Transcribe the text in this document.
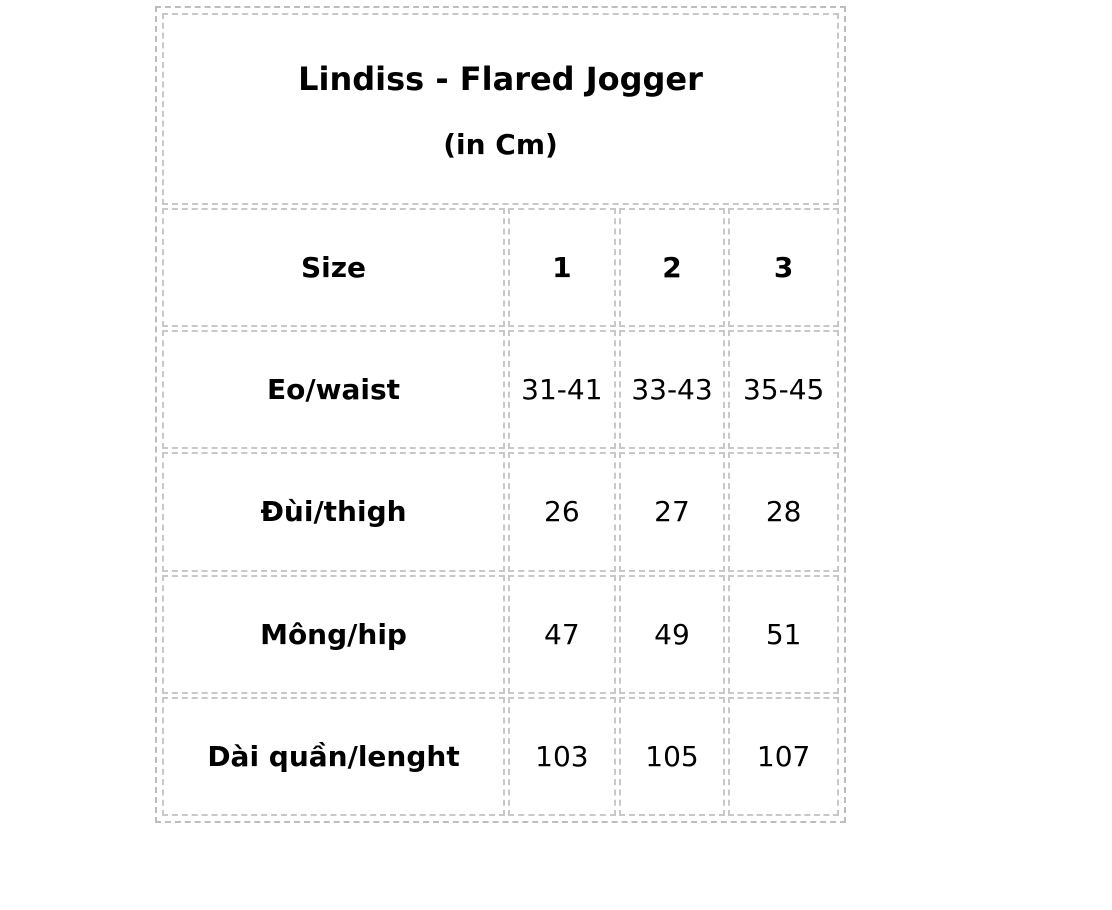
Lindiss - Flared Jogger
(in Cm)			

Size	1	2	3
Eo/waist	31-41	33-43	35-45
Đùi/thigh	26	27	28
Mông/hip	47	49	51
Dài quần/lenght	103	105	107
